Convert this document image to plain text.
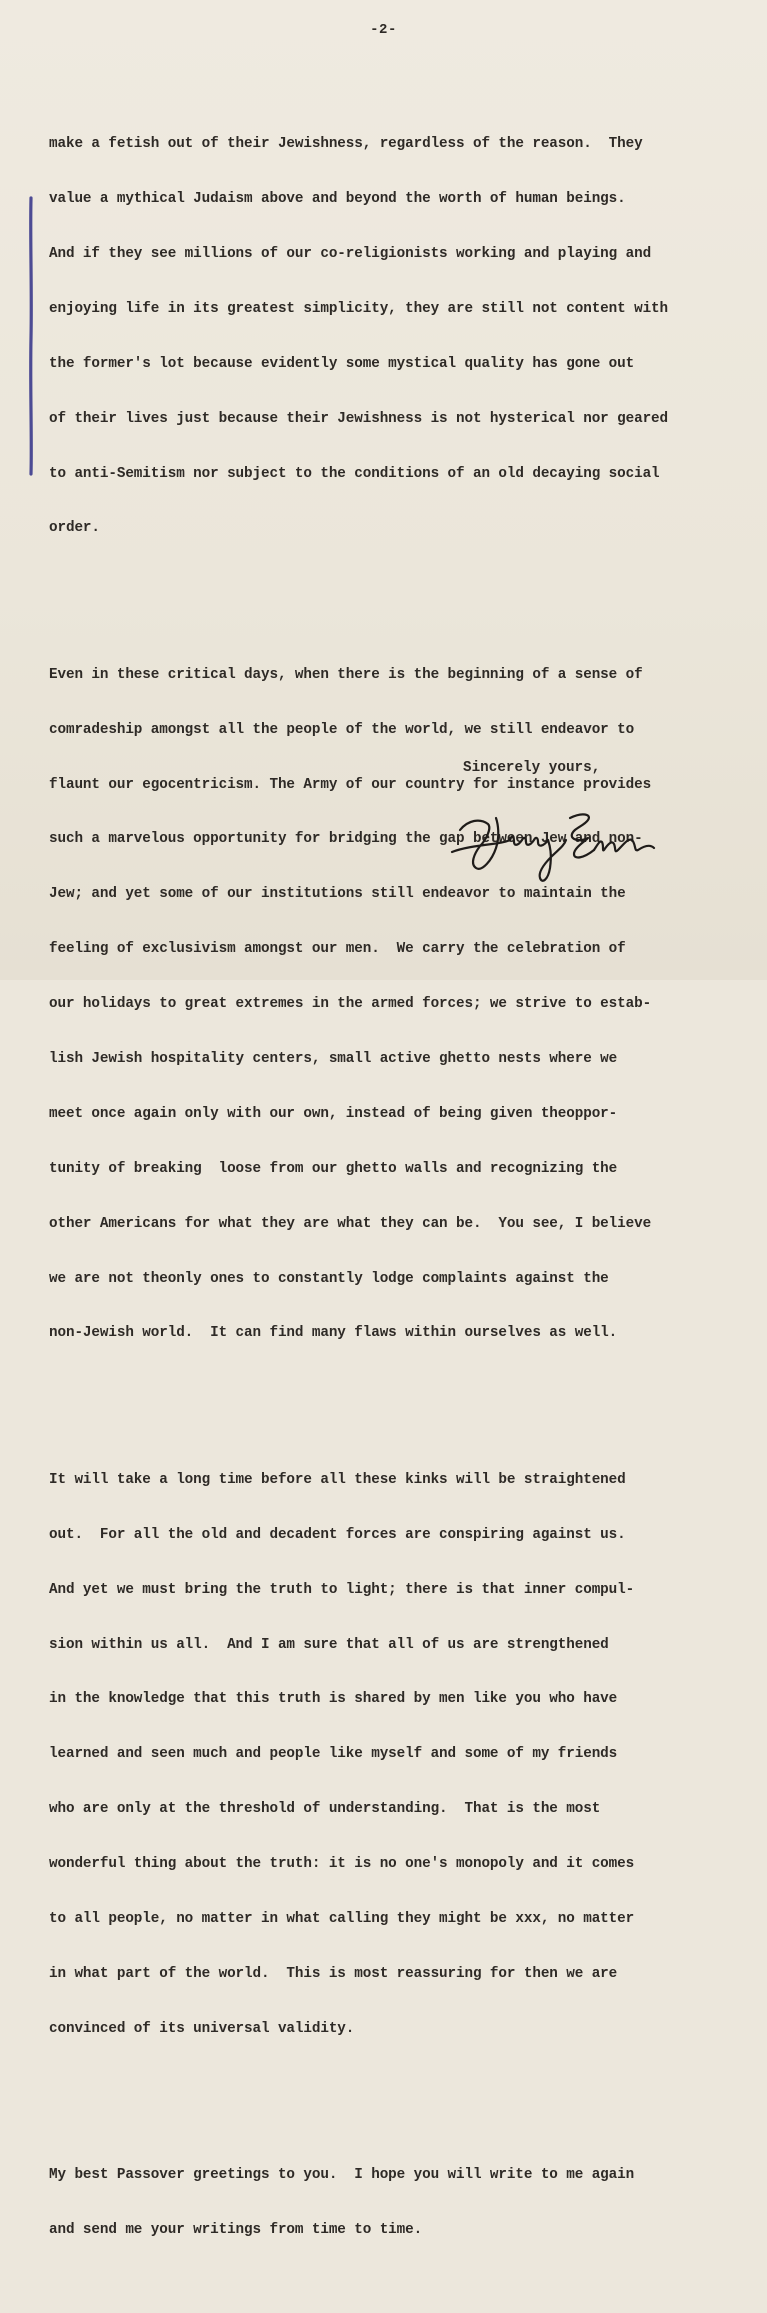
-2-

make a fetish out of their Jewishness, regardless of the reason.  They

value a mythical Judaism above and beyond the worth of human beings.

And if they see millions of our co-religionists working and playing and

enjoying life in its greatest simplicity, they are still not content with

the former's lot because evidently some mystical quality has gone out

of their lives just because their Jewishness is not hysterical nor geared

to anti-Semitism nor subject to the conditions of an old decaying social

order.

Even in these critical days, when there is the beginning of a sense of

comradeship amongst all the people of the world, we still endeavor to

flaunt our egocentricism. The Army of our country for instance provides

such a marvelous opportunity for bridging the gap between Jew and non-

Jew; and yet some of our institutions still endeavor to maintain the

feeling of exclusivism amongst our men.  We carry the celebration of

our holidays to great extremes in the armed forces; we strive to estab-

lish Jewish hospitality centers, small active ghetto nests where we

meet once again only with our own, instead of being given theoppor-

tunity of breaking  loose from our ghetto walls and recognizing the

other Americans for what they are what they can be.  You see, I believe

we are not theonly ones to constantly lodge complaints against the

non-Jewish world.  It can find many flaws within ourselves as well.

It will take a long time before all these kinks will be straightened

out.  For all the old and decadent forces are conspiring against us.

And yet we must bring the truth to light; there is that inner compul-

sion within us all.  And I am sure that all of us are strengthened

in the knowledge that this truth is shared by men like you who have

learned and seen much and people like myself and some of my friends

who are only at the threshold of understanding.  That is the most

wonderful thing about the truth: it is no one's monopoly and it comes

to all people, no matter in what calling they might be xxx, no matter

in what part of the world.  This is most reassuring for then we are

convinced of its universal validity.

My best Passover greetings to you.  I hope you will write to me again

and send me your writings from time to time.

Sincerely yours,
